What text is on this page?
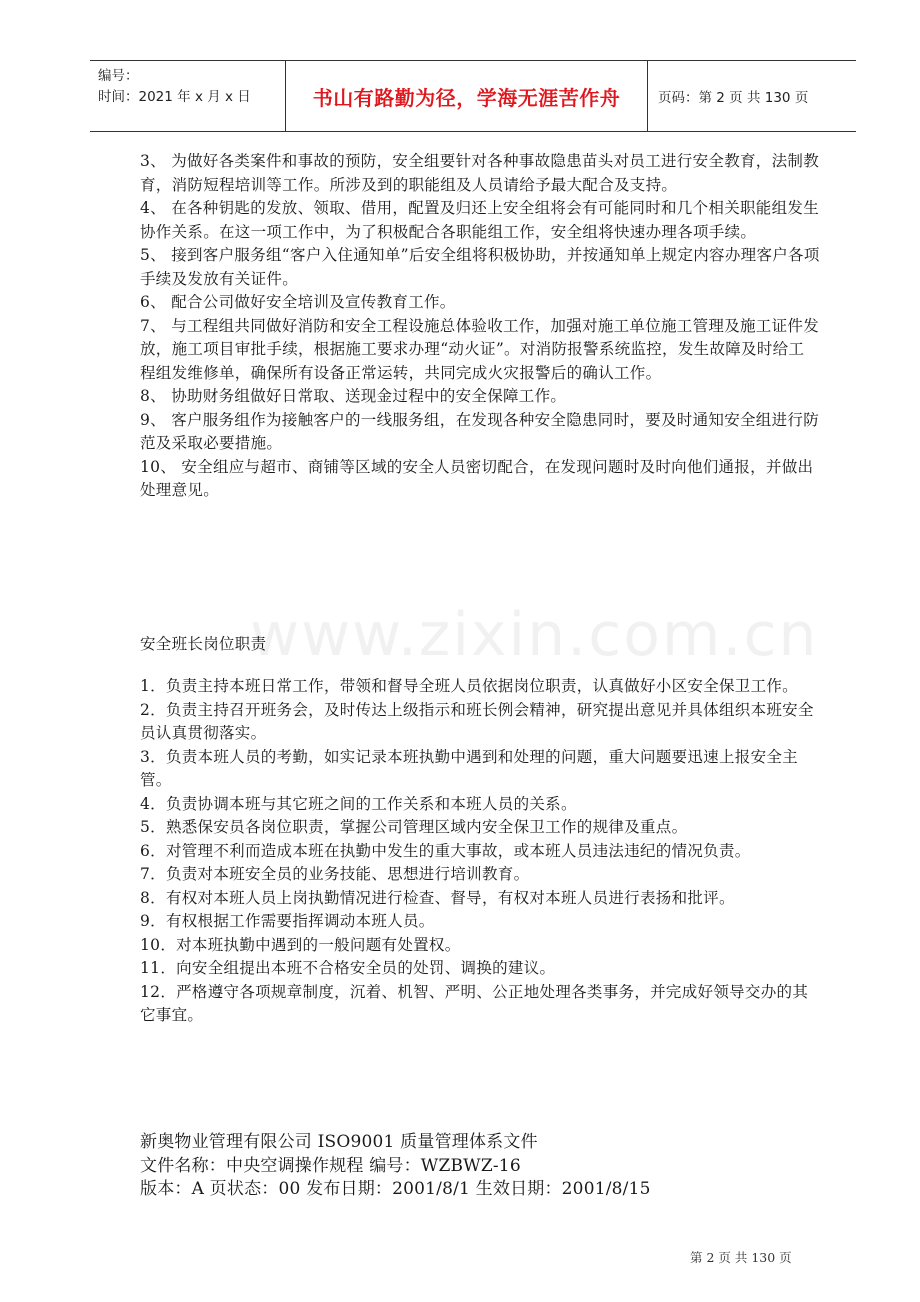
编号：
时间：2021 年 x 月 x 日	书山有路勤为径，学海无涯苦作舟	页码：第 2 页 共 130 页

3、 为做好各类案件和事故的预防，安全组要针对各种事故隐患苗头对员工进行安全教育，法制教育，消防短程培训等工作。所涉及到的职能组及人员请给予最大配合及支持。

4、 在各种钥匙的发放、领取、借用，配置及归还上安全组将会有可能同时和几个相关职能组发生协作关系。在这一项工作中，为了积极配合各职能组工作，安全组将快速办理各项手续。

5、 接到客户服务组“客户入住通知单”后安全组将积极协助，并按通知单上规定内容办理客户各项手续及发放有关证件。

6、 配合公司做好安全培训及宣传教育工作。

7、 与工程组共同做好消防和安全工程设施总体验收工作，加强对施工单位施工管理及施工证件发放，施工项目审批手续，根据施工要求办理“动火证”。对消防报警系统监控，发生故障及时给工程组发维修单，确保所有设备正常运转，共同完成火灾报警后的确认工作。

8、 协助财务组做好日常取、送现金过程中的安全保障工作。

9、 客户服务组作为接触客户的一线服务组，在发现各种安全隐患同时，要及时通知安全组进行防范及采取必要措施。

10、 安全组应与超市、商铺等区域的安全人员密切配合，在发现问题时及时向他们通报，并做出处理意见。

www.zixin.com.cn
安全班长岗位职责

1．负责主持本班日常工作，带领和督导全班人员依据岗位职责，认真做好小区安全保卫工作。

2．负责主持召开班务会，及时传达上级指示和班长例会精神，研究提出意见并具体组织本班安全员认真贯彻落实。

3．负责本班人员的考勤，如实记录本班执勤中遇到和处理的问题，重大问题要迅速上报安全主管。

4．负责协调本班与其它班之间的工作关系和本班人员的关系。

5．熟悉保安员各岗位职责，掌握公司管理区域内安全保卫工作的规律及重点。

6．对管理不利而造成本班在执勤中发生的重大事故，或本班人员违法违纪的情况负责。

7．负责对本班安全员的业务技能、思想进行培训教育。

8．有权对本班人员上岗执勤情况进行检查、督导，有权对本班人员进行表扬和批评。

9．有权根据工作需要指挥调动本班人员。

10．对本班执勤中遇到的一般问题有处置权。

11．向安全组提出本班不合格安全员的处罚、调换的建议。

12．严格遵守各项规章制度，沉着、机智、严明、公正地处理各类事务，并完成好领导交办的其它事宜。

新奥物业管理有限公司 ISO9001 质量管理体系文件
文件名称：中央空调操作规程 编号：WZBWZ-16
版本：A 页状态：00 发布日期：2001/8/1 生效日期：2001/8/15
第 2 页 共 130 页
